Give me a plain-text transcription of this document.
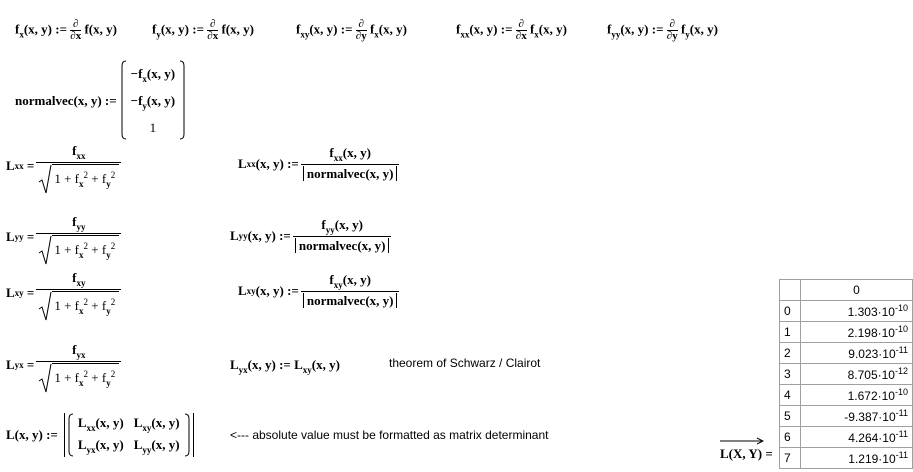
$f_x(x$, y) := ∂
∂x f(x, y)	$f_y(x$, y) := ∂
∂x f(x, y)	$f_{xy}(x$, y) := ∂
∂y $f_x(x$, y)	$f_{xx}(x$, y) := ∂
∂x $f_x(x$, y)	$f_{yy}(x$, y) := ∂
∂y $f_y(x$, y)
normalvec(x, y) :=
$-f_x(x$, y)
$-f_y(x$, y)
1
L xx
= $\frac{f_{xx}}{1 + f_x^2 + f_y^2}$	L xx (x, y)
:= $\frac{f_{xx}(x, y)}{\text{normalvec(x, y)}}$
L yy
= $\frac{f_{yy}}{1 + f_x^2 + f_y^2}$	L yy (x, y)
:= $\frac{f_{yy}(x, y)}{\text{normalvec(x, y)}}$
L xy
= $\frac{f_{xy}}{1 + f_x^2 + f_y^2}$	L xy (x, y)
:= $\frac{f_{xy}(x, y)}{\text{normalvec(x, y)}}$
L yx
= $\frac{f_{yx}}{1 + f_x^2 + f_y^2}$	$L_{yx}(x$, y) := $L_{xy}(x$, y)	theorem of Schwarz / Clairot
L(x, y) :=
$L_{xx}(x$, y) $L_{xy}(x$, y)
$L_{yx}(x$, y) $L_{yy}(x$, y)
<--- absolute value must be formatted as matrix determinant
L(X, Y) =
	0
0	$1.303\cdot 10^{-10}$
1	$2.198\cdot 10^{-10}$
2	$9.023\cdot 10^{-11}$
3	$8.705\cdot 10^{-12}$
4	$1.672\cdot 10^{-10}$
5	$-9.387\cdot 10^{-11}$
6	$4.264\cdot 10^{-11}$
7	$1.219\cdot 10^{-11}$
